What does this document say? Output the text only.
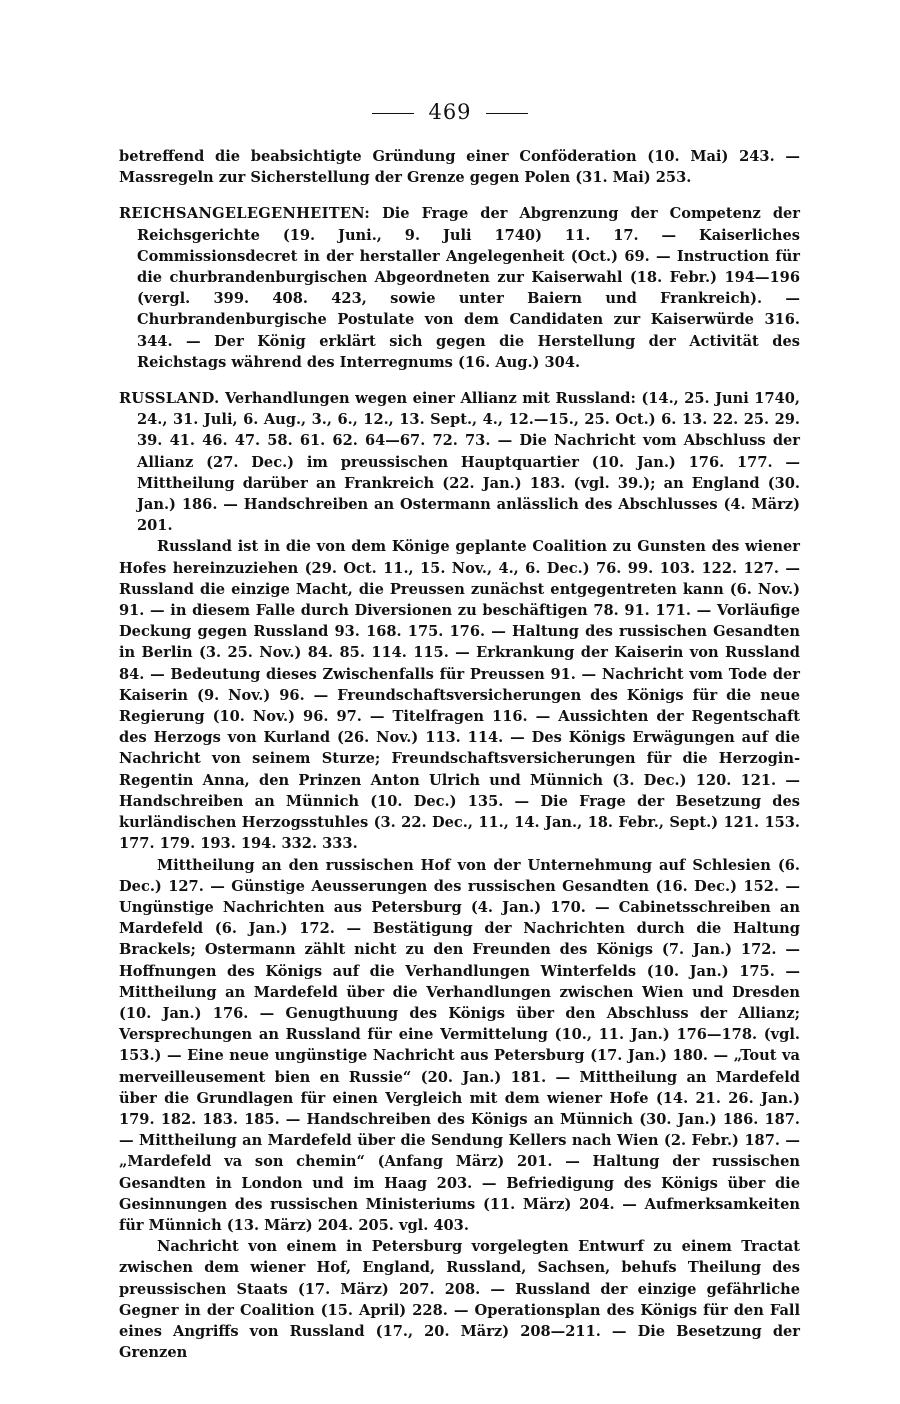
469

betreffend die beabsichtigte Gründung einer Conföderation (10. Mai) 243. — Massregeln zur Sicherstellung der Grenze gegen Polen (31. Mai) 253.

REICHSANGELEGENHEITEN: Die Frage der Abgrenzung der Competenz der Reichsgerichte (19. Juni., 9. Juli 1740) 11. 17. — Kaiserliches Commissionsdecret in der herstaller Angelegenheit (Oct.) 69. — Instruction für die churbrandenburgischen Abgeordneten zur Kaiserwahl (18. Febr.) 194—196 (vergl. 399. 408. 423, sowie unter Baiern und Frankreich). — Churbrandenburgische Postulate von dem Candidaten zur Kaiserwürde 316. 344. — Der König erklärt sich gegen die Herstellung der Activität des Reichstags während des Interregnums (16. Aug.) 304.

RUSSLAND. Verhandlungen wegen einer Allianz mit Russland: (14., 25. Juni 1740, 24., 31. Juli, 6. Aug., 3., 6., 12., 13. Sept., 4., 12.—15., 25. Oct.) 6. 13. 22. 25. 29. 39. 41. 46. 47. 58. 61. 62. 64—67. 72. 73. — Die Nachricht vom Abschluss der Allianz (27. Dec.) im preussischen Hauptquartier (10. Jan.) 176. 177. — Mittheilung darüber an Frankreich (22. Jan.) 183. (vgl. 39.); an England (30. Jan.) 186. — Handschreiben an Ostermann anlässlich des Abschlusses (4. März) 201.

Russland ist in die von dem Könige geplante Coalition zu Gunsten des wiener Hofes hereinzuziehen (29. Oct. 11., 15. Nov., 4., 6. Dec.) 76. 99. 103. 122. 127. — Russland die einzige Macht, die Preussen zunächst entgegentreten kann (6. Nov.) 91. — in diesem Falle durch Diversionen zu beschäftigen 78. 91. 171. — Vorläufige Deckung gegen Russland 93. 168. 175. 176. — Haltung des russischen Gesandten in Berlin (3. 25. Nov.) 84. 85. 114. 115. — Erkrankung der Kaiserin von Russland 84. — Bedeutung dieses Zwischenfalls für Preussen 91. — Nachricht vom Tode der Kaiserin (9. Nov.) 96. — Freundschaftsversicherungen des Königs für die neue Regierung (10. Nov.) 96. 97. — Titelfragen 116. — Aussichten der Regentschaft des Herzogs von Kurland (26. Nov.) 113. 114. — Des Königs Erwägungen auf die Nachricht von seinem Sturze; Freundschaftsversicherungen für die Herzogin-Regentin Anna, den Prinzen Anton Ulrich und Münnich (3. Dec.) 120. 121. — Handschreiben an Münnich (10. Dec.) 135. — Die Frage der Besetzung des kurländischen Herzogsstuhles (3. 22. Dec., 11., 14. Jan., 18. Febr., Sept.) 121. 153. 177. 179. 193. 194. 332. 333.

Mittheilung an den russischen Hof von der Unternehmung auf Schlesien (6. Dec.) 127. — Günstige Aeusserungen des russischen Gesandten (16. Dec.) 152. — Ungünstige Nachrichten aus Petersburg (4. Jan.) 170. — Cabinetsschreiben an Mardefeld (6. Jan.) 172. — Bestätigung der Nachrichten durch die Haltung Brackels; Ostermann zählt nicht zu den Freunden des Königs (7. Jan.) 172. — Hoffnungen des Königs auf die Verhandlungen Winterfelds (10. Jan.) 175. — Mittheilung an Mardefeld über die Verhandlungen zwischen Wien und Dresden (10. Jan.) 176. — Genugthuung des Königs über den Abschluss der Allianz; Versprechungen an Russland für eine Vermittelung (10., 11. Jan.) 176—178. (vgl. 153.) — Eine neue ungünstige Nachricht aus Petersburg (17. Jan.) 180. — „Tout va merveilleusement bien en Russie“ (20. Jan.) 181. — Mittheilung an Mardefeld über die Grundlagen für einen Vergleich mit dem wiener Hofe (14. 21. 26. Jan.) 179. 182. 183. 185. — Handschreiben des Königs an Münnich (30. Jan.) 186. 187. — Mittheilung an Mardefeld über die Sendung Kellers nach Wien (2. Febr.) 187. — „Mardefeld va son chemin“ (Anfang März) 201. — Haltung der russischen Gesandten in London und im Haag 203. — Befriedigung des Königs über die Gesinnungen des russischen Ministeriums (11. März) 204. — Aufmerksamkeiten für Münnich (13. März) 204. 205. vgl. 403.

Nachricht von einem in Petersburg vorgelegten Entwurf zu einem Tractat zwischen dem wiener Hof, England, Russland, Sachsen, behufs Theilung des preussischen Staats (17. März) 207. 208. — Russland der einzige gefährliche Gegner in der Coalition (15. April) 228. — Operationsplan des Königs für den Fall eines Angriffs von Russland (17., 20. März) 208—211. — Die Besetzung der Grenzen
